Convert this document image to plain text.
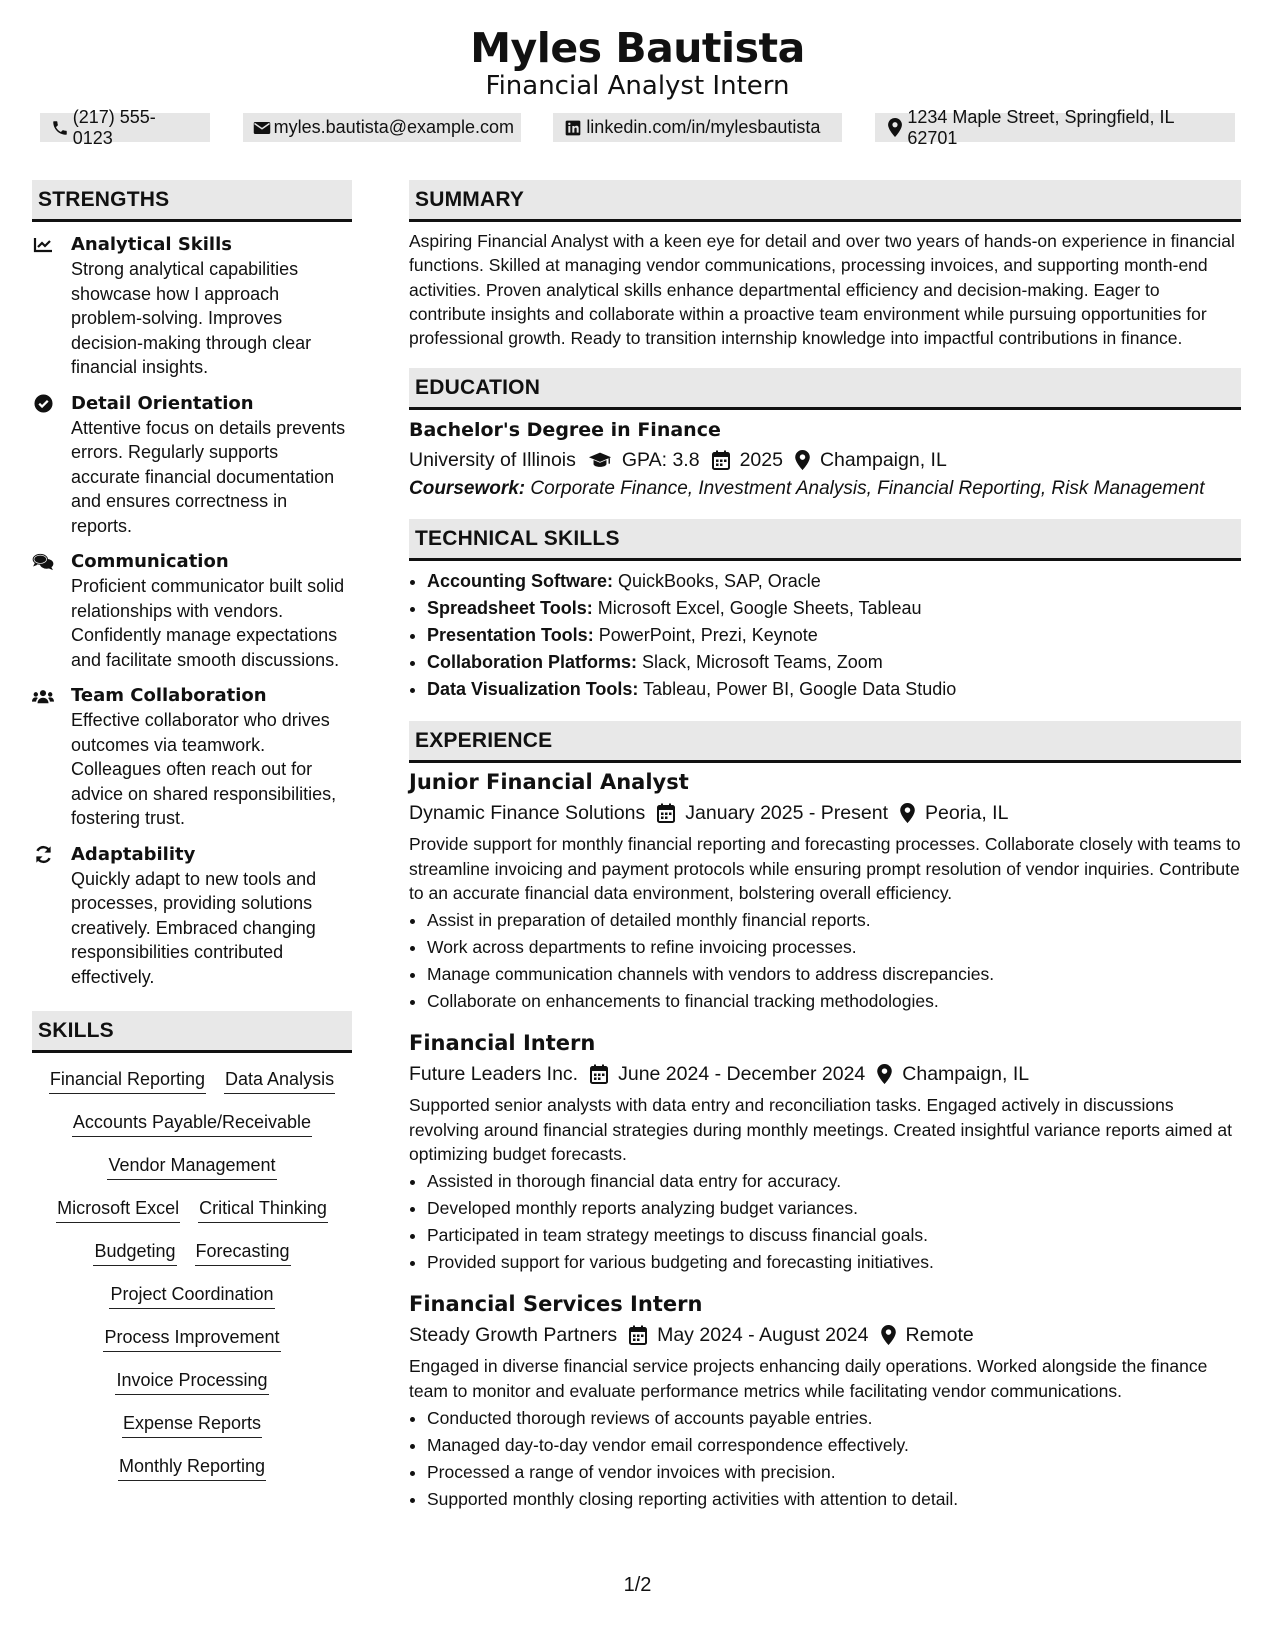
Myles Bautista
Financial Analyst Intern
(217) 555-0123
myles.bautista@example.com	linkedin.com/in/mylesbautista
1234 Maple Street, Springfield, IL 62701
STRENGTHS
Analytical Skills
Strong analytical capabilities showcase how I approach problem-solving. Improves decision-making through clear financial insights.
Detail Orientation
Attentive focus on details prevents errors. Regularly supports accurate financial documentation and ensures correctness in reports.
Communication
Proficient communicator built solid relationships with vendors. Confidently manage expectations and facilitate smooth discussions.
Team Collaboration
Effective collaborator who drives outcomes via teamwork. Colleagues often reach out for advice on shared responsibilities, fostering trust.
Adaptability
Quickly adapt to new tools and processes, providing solutions creatively. Embraced changing responsibilities contributed effectively.
SKILLS
Financial Reporting Data Analysis
Accounts Payable/Receivable
Vendor Management
Microsoft Excel Critical Thinking
Budgeting Forecasting
Project Coordination
Process Improvement
Invoice Processing
Expense Reports
Monthly Reporting
SUMMARY
Aspiring Financial Analyst with a keen eye for detail and over two years of hands-on experience in financial functions. Skilled at managing vendor communications, processing invoices, and supporting month-end activities. Proven analytical skills enhance departmental efficiency and decision-making. Eager to contribute insights and collaborate within a proactive team environment while pursuing opportunities for professional growth. Ready to transition internship knowledge into impactful contributions in finance.
EDUCATION
Bachelor's Degree in Finance
University of Illinois GPA: 3.8 2025 Champaign, IL
Coursework: Corporate Finance, Investment Analysis, Financial Reporting, Risk Management
TECHNICAL SKILLS
• Accounting Software: QuickBooks, SAP, Oracle
• Spreadsheet Tools: Microsoft Excel, Google Sheets, Tableau
• Presentation Tools: PowerPoint, Prezi, Keynote
• Collaboration Platforms: Slack, Microsoft Teams, Zoom
• Data Visualization Tools: Tableau, Power BI, Google Data Studio
EXPERIENCE
Junior Financial Analyst
Dynamic Finance Solutions January 2025 - Present Peoria, IL
Provide support for monthly financial reporting and forecasting processes. Collaborate closely with teams to streamline invoicing and payment protocols while ensuring prompt resolution of vendor inquiries. Contribute to an accurate financial data environment, bolstering overall efficiency.
• Assist in preparation of detailed monthly financial reports.
• Work across departments to refine invoicing processes.
• Manage communication channels with vendors to address discrepancies.
• Collaborate on enhancements to financial tracking methodologies.
Financial Intern
Future Leaders Inc. June 2024 - December 2024 Champaign, IL
Supported senior analysts with data entry and reconciliation tasks. Engaged actively in discussions revolving around financial strategies during monthly meetings. Created insightful variance reports aimed at optimizing budget forecasts.
• Assisted in thorough financial data entry for accuracy.
• Developed monthly reports analyzing budget variances.
• Participated in team strategy meetings to discuss financial goals.
• Provided support for various budgeting and forecasting initiatives.
Financial Services Intern
Steady Growth Partners May 2024 - August 2024 Remote
Engaged in diverse financial service projects enhancing daily operations. Worked alongside the finance team to monitor and evaluate performance metrics while facilitating vendor communications.
• Conducted thorough reviews of accounts payable entries.
• Managed day-to-day vendor email correspondence effectively.
• Processed a range of vendor invoices with precision.
• Supported monthly closing reporting activities with attention to detail.
1/2
